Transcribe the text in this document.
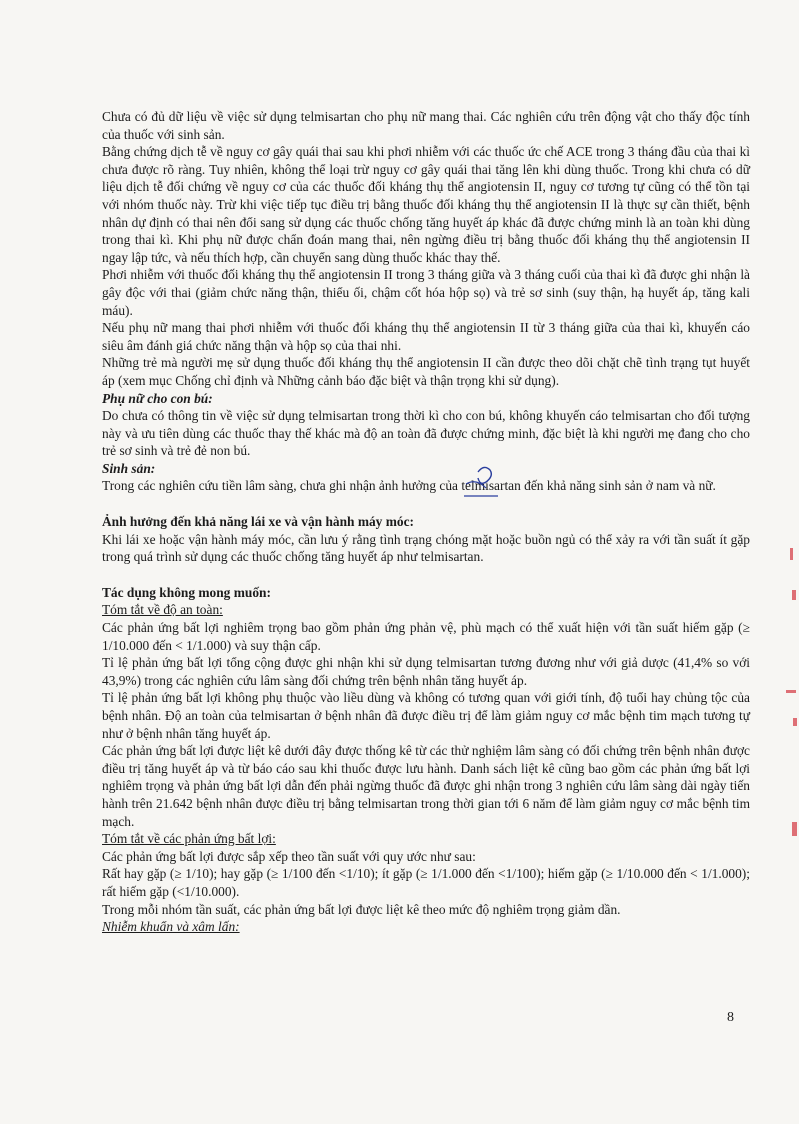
Chưa có đủ dữ liệu về việc sử dụng telmisartan cho phụ nữ mang thai. Các nghiên cứu trên động vật cho thấy độc tính của thuốc với sinh sản.

Bằng chứng dịch tễ về nguy cơ gây quái thai sau khi phơi nhiễm với các thuốc ức chế ACE trong 3 tháng đầu của thai kì chưa được rõ ràng. Tuy nhiên, không thể loại trừ nguy cơ gây quái thai tăng lên khi dùng thuốc. Trong khi chưa có dữ liệu dịch tễ đối chứng về nguy cơ của các thuốc đối kháng thụ thể angiotensin II, nguy cơ tương tự cũng có thể tồn tại với nhóm thuốc này. Trừ khi việc tiếp tục điều trị bằng thuốc đối kháng thụ thể angiotensin II là thực sự cần thiết, bệnh nhân dự định có thai nên đổi sang sử dụng các thuốc chống tăng huyết áp khác đã được chứng minh là an toàn khi dùng trong thai kì. Khi phụ nữ được chẩn đoán mang thai, nên ngừng điều trị bằng thuốc đối kháng thụ thể angiotensin II ngay lập tức, và nếu thích hợp, cần chuyển sang dùng thuốc khác thay thế.

Phơi nhiễm với thuốc đối kháng thụ thể angiotensin II trong 3 tháng giữa và 3 tháng cuối của thai kì đã được ghi nhận là gây độc với thai (giảm chức năng thận, thiểu ối, chậm cốt hóa hộp sọ) và trẻ sơ sinh (suy thận, hạ huyết áp, tăng kali máu).

Nếu phụ nữ mang thai phơi nhiễm với thuốc đối kháng thụ thể angiotensin II từ 3 tháng giữa của thai kì, khuyến cáo siêu âm đánh giá chức năng thận và hộp sọ của thai nhi.

Những trẻ mà người mẹ sử dụng thuốc đối kháng thụ thể angiotensin II cần được theo dõi chặt chẽ tình trạng tụt huyết áp (xem mục Chống chỉ định và Những cảnh báo đặc biệt và thận trọng khi sử dụng).

Phụ nữ cho con bú:

Do chưa có thông tin về việc sử dụng telmisartan trong thời kì cho con bú, không khuyến cáo telmisartan cho đối tượng này và ưu tiên dùng các thuốc thay thế khác mà độ an toàn đã được chứng minh, đặc biệt là khi người mẹ đang cho cho trẻ sơ sinh và trẻ đẻ non bú.

Sinh sản:

Trong các nghiên cứu tiền lâm sàng, chưa ghi nhận ảnh hưởng của telmisartan đến khả năng sinh sản ở nam và nữ.

Ảnh hưởng đến khả năng lái xe và vận hành máy móc:

Khi lái xe hoặc vận hành máy móc, cần lưu ý rằng tình trạng chóng mặt hoặc buồn ngủ có thể xảy ra với tần suất ít gặp trong quá trình sử dụng các thuốc chống tăng huyết áp như telmisartan.

Tác dụng không mong muốn:

Tóm tắt về độ an toàn:

Các phản ứng bất lợi nghiêm trọng bao gồm phản ứng phản vệ, phù mạch có thể xuất hiện với tần suất hiếm gặp (≥ 1/10.000 đến < 1/1.000) và suy thận cấp.

Tỉ lệ phản ứng bất lợi tổng cộng được ghi nhận khi sử dụng telmisartan tương đương như với giả dược (41,4% so với 43,9%) trong các nghiên cứu lâm sàng đối chứng trên bệnh nhân tăng huyết áp.

Tỉ lệ phản ứng bất lợi không phụ thuộc vào liều dùng và không có tương quan với giới tính, độ tuổi hay chủng tộc của bệnh nhân. Độ an toàn của telmisartan ở bệnh nhân đã được điều trị để làm giảm nguy cơ mắc bệnh tim mạch tương tự như ở bệnh nhân tăng huyết áp.

Các phản ứng bất lợi được liệt kê dưới đây được thống kê từ các thử nghiệm lâm sàng có đối chứng trên bệnh nhân được điều trị tăng huyết áp và từ báo cáo sau khi thuốc được lưu hành. Danh sách liệt kê cũng bao gồm các phản ứng bất lợi nghiêm trọng và phản ứng bất lợi dẫn đến phải ngừng thuốc đã được ghi nhận trong 3 nghiên cứu lâm sàng dài ngày tiến hành trên 21.642 bệnh nhân được điều trị bằng telmisartan trong thời gian tới 6 năm để làm giảm nguy cơ mắc bệnh tim mạch.

Tóm tắt về các phản ứng bất lợi:

Các phản ứng bất lợi được sắp xếp theo tần suất với quy ước như sau:

Rất hay gặp (≥ 1/10); hay gặp (≥ 1/100 đến <1/10); ít gặp (≥ 1/1.000 đến <1/100); hiếm gặp (≥ 1/10.000 đến < 1/1.000); rất hiếm gặp (<1/10.000).

Trong mỗi nhóm tần suất, các phản ứng bất lợi được liệt kê theo mức độ nghiêm trọng giảm dần.

Nhiễm khuẩn và xâm lấn:

8
